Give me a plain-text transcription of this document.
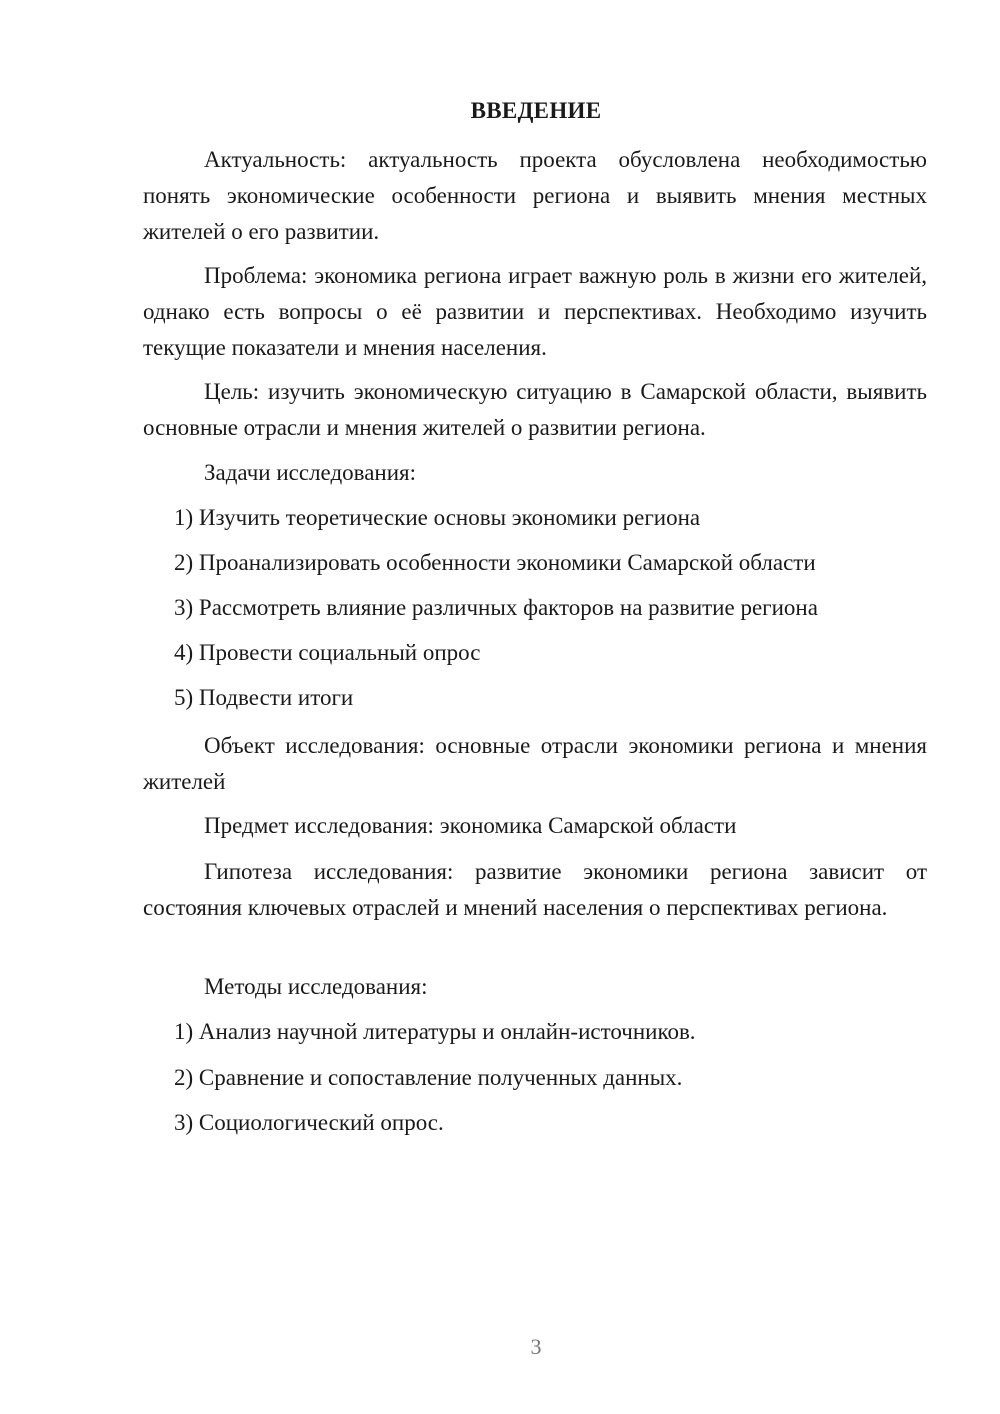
ВВЕДЕНИЕ

Актуальность: актуальность проекта обусловлена необходимостью понять экономические особенности региона и выявить мнения местных жителей о его развитии.

Проблема: экономика региона играет важную роль в жизни его жителей, однако есть вопросы о её развитии и перспективах. Необходимо изучить текущие показатели и мнения населения.

Цель: изучить экономическую ситуацию в Самарской области, выявить основные отрасли и мнения жителей о развитии региона.

Задачи исследования:

1) Изучить теоретические основы экономики региона

2) Проанализировать особенности экономики Самарской области

3) Рассмотреть влияние различных факторов на развитие региона

4) Провести социальный опрос

5) Подвести итоги

Объект исследования: основные отрасли экономики региона и мнения жителей

Предмет исследования: экономика Самарской области

Гипотеза исследования: развитие экономики региона зависит от состояния ключевых отраслей и мнений населения о перспективах региона.

Методы исследования:

1) Анализ научной литературы и онлайн-источников.

2) Сравнение и сопоставление полученных данных.

3) Социологический опрос.

3
